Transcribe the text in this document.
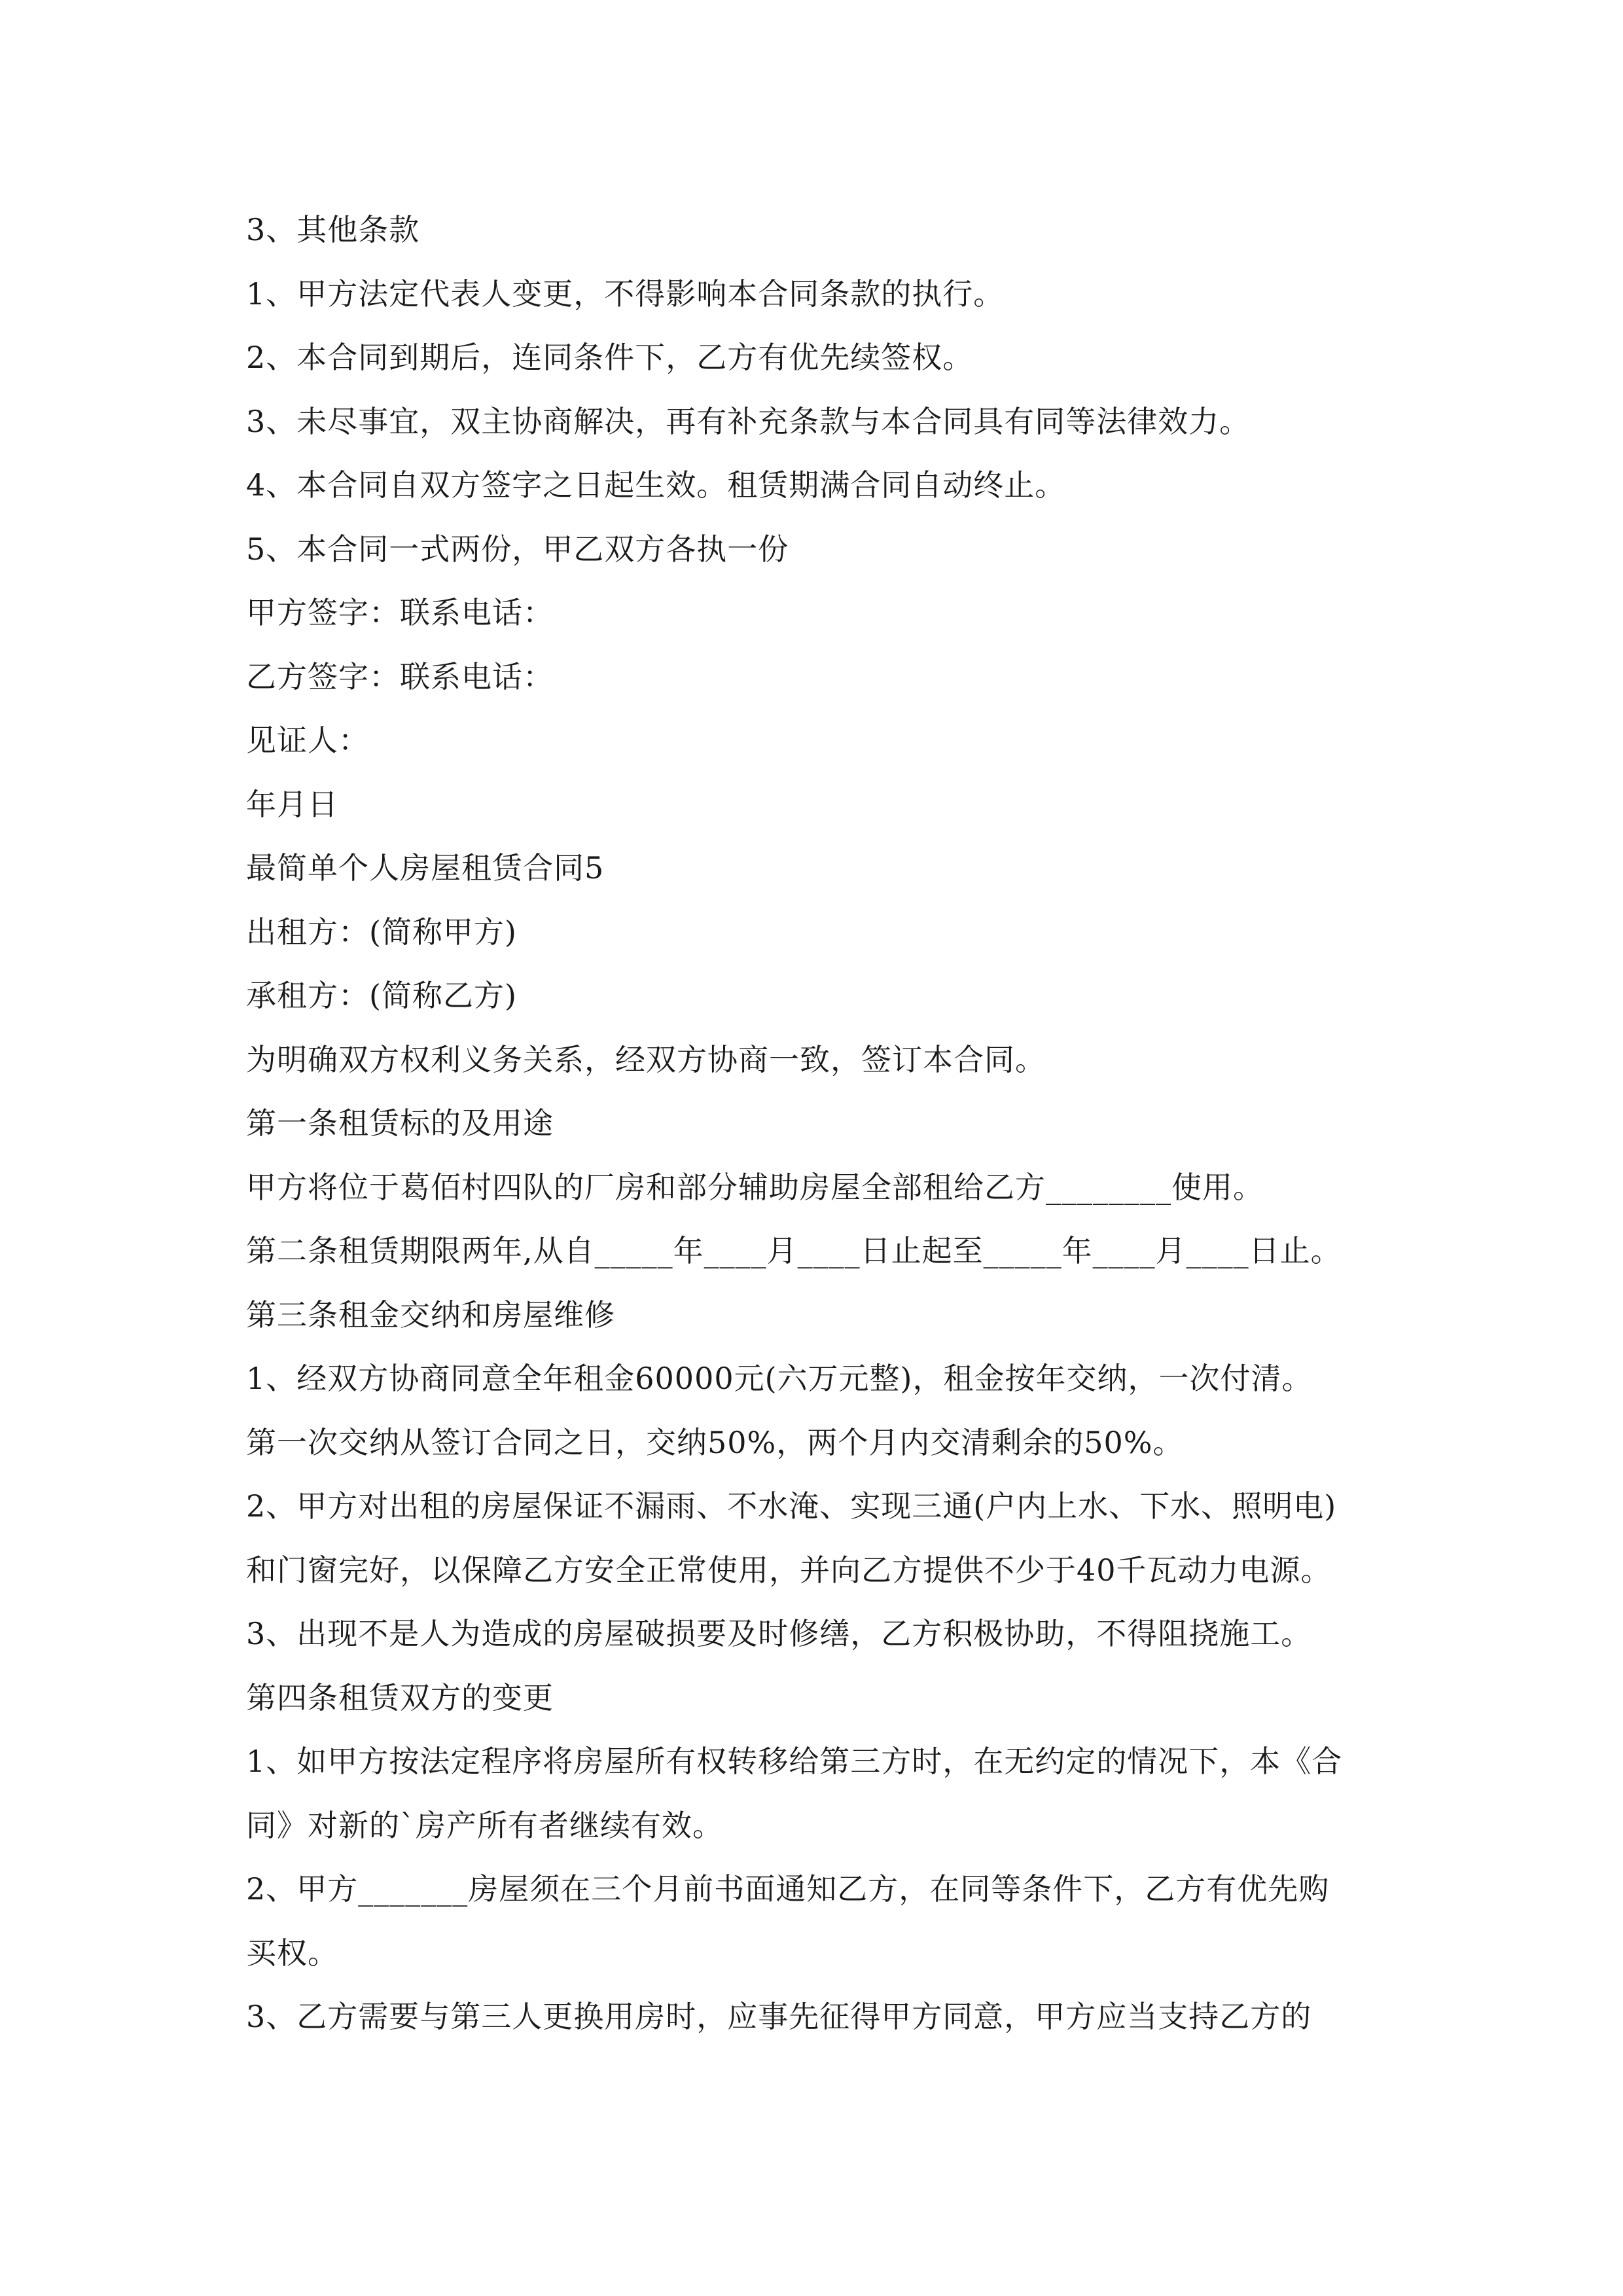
3、其他条款
1、甲方法定代表人变更，不得影响本合同条款的执行。
2、本合同到期后，连同条件下，乙方有优先续签权。
3、未尽事宜，双主协商解决，再有补充条款与本合同具有同等法律效力。
4、本合同自双方签字之日起生效。租赁期满合同自动终止。
5、本合同一式两份，甲乙双方各执一份
甲方签字：联系电话：
乙方签字：联系电话：
见证人：
年月日
最简单个人房屋租赁合同5
出租方：(简称甲方)
承租方：(简称乙方)
为明确双方权利义务关系，经双方协商一致，签订本合同。
第一条租赁标的及用途
甲方将位于葛佰村四队的厂房和部分辅助房屋全部租给乙方________使用。
第二条租赁期限两年,从自_____年____月____日止起至_____年____月____日止。
第三条租金交纳和房屋维修
1、经双方协商同意全年租金60000元(六万元整)，租金按年交纳，一次付清。
第一次交纳从签订合同之日，交纳50%，两个月内交清剩余的50%。
2、甲方对出租的房屋保证不漏雨、不水淹、实现三通(户内上水、下水、照明电)
和门窗完好，以保障乙方安全正常使用，并向乙方提供不少于40千瓦动力电源。
3、出现不是人为造成的房屋破损要及时修缮，乙方积极协助，不得阻挠施工。
第四条租赁双方的变更
1、如甲方按法定程序将房屋所有权转移给第三方时，在无约定的情况下，本《合
同》对新的`房产所有者继续有效。
2、甲方_______房屋须在三个月前书面通知乙方，在同等条件下，乙方有优先购
买权。
3、乙方需要与第三人更换用房时，应事先征得甲方同意，甲方应当支持乙方的
